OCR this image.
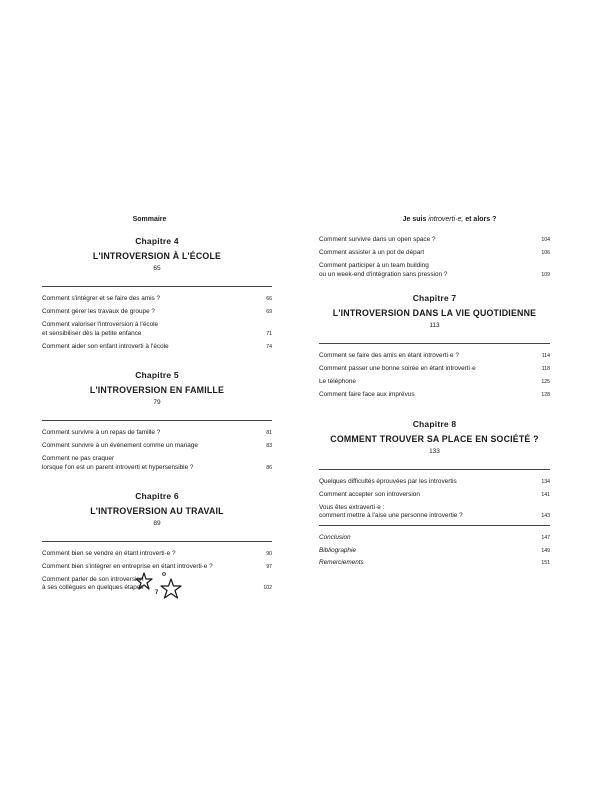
Sommaire
Chapitre 4
L'INTROVERSION À L'ÉCOLE
65
Comment s'intégrer et se faire des amis ?	66
Comment gérer les travaux de groupe ?	69
Comment valoriser l'introversion à l'école
et sensibiliser dès la petite enfance	71
Comment aider son enfant introverti à l'école	74
Chapitre 5
L'INTROVERSION EN FAMILLE
79
Comment survivre à un repas de famille ?	81
Comment survivre à un événement comme un mariage	83
Comment ne pas craquer
lorsque l'on est un parent introverti et hypersensible ?	86
Chapitre 6
L'INTROVERSION AU TRAVAIL
89
Comment bien se vendre en étant introverti·e ?	90
Comment bien s'intégrer en entreprise en étant introverti·e ?	97
Comment parler de son introversion
à ses collègues en quelques étapes	102
7
Je suis introverti·e, et alors ?
Comment survivre dans un open space ?	104
Comment assister à un pot de départ	106
Comment participer à un team building
ou un week-end d'intégration sans pression ?	109
Chapitre 7
L'INTROVERSION DANS LA VIE QUOTIDIENNE
113
Comment se faire des amis en étant introverti·e ?	114
Comment passer une bonne soirée en étant introverti·e	118
Le téléphone	125
Comment faire face aux imprévus	128
Chapitre 8
COMMENT TROUVER SA PLACE EN SOCIÉTÉ ?
133
Quelques difficultés éprouvées par les introvertis	134
Comment accepter son introversion	141
Vous êtes extraverti·e :
comment mettre à l'aise une personne introvertie ?	143
Conclusion	147
Bibliographie	149
Remerciements	151
